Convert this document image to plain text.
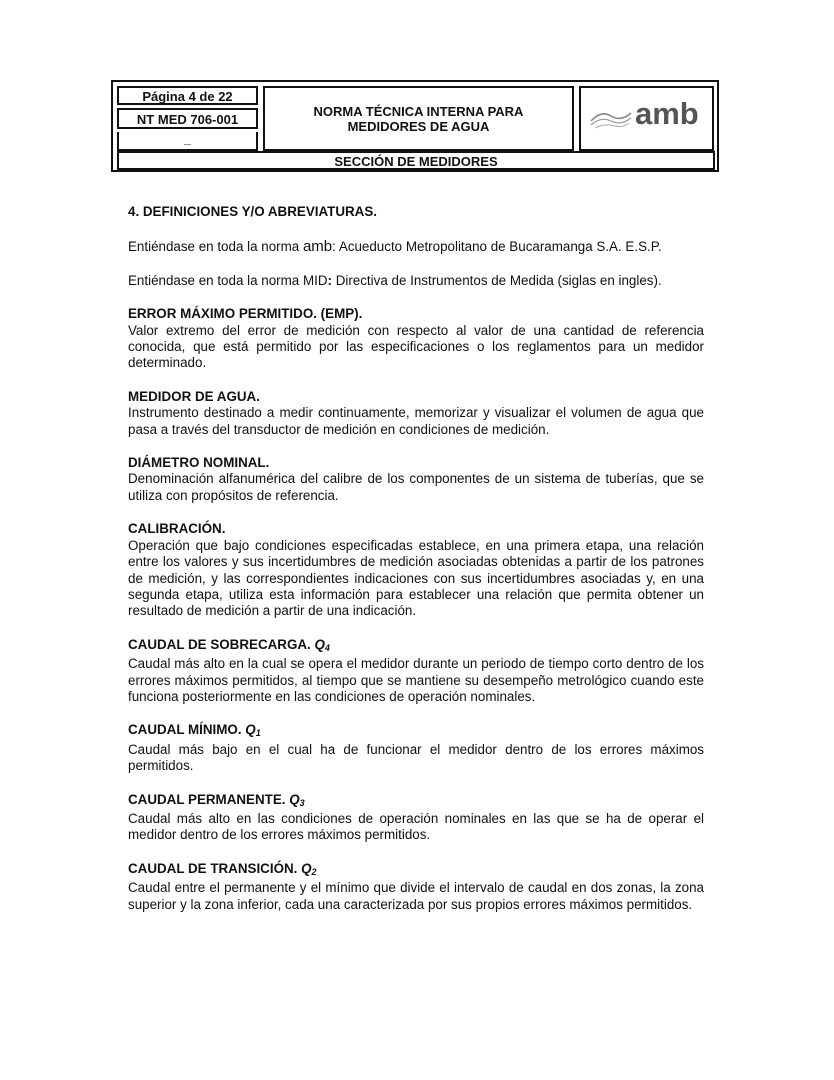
Página 4 de 22
NT MED 706-001
_
NORMA TÉCNICA INTERNA PARA
MEDIDORES DE AGUA	amb
SECCIÓN DE MEDIDORES

4. DEFINICIONES Y/O ABREVIATURAS.

Entiéndase en toda la norma amb: Acueducto Metropolitano de Bucaramanga S.A. E.S.P.

Entiéndase en toda la norma MID: Directiva de Instrumentos de Medida (siglas en ingles).

ERROR MÁXIMO PERMITIDO. (EMP).

Valor extremo del error de medición con respecto al valor de una cantidad de referencia conocida, que está permitido por las especificaciones o los reglamentos para un medidor determinado.

MEDIDOR DE AGUA.

Instrumento destinado a medir continuamente, memorizar y visualizar el volumen de agua que pasa a través del transductor de medición en condiciones de medición.

DIÁMETRO NOMINAL.

Denominación alfanumérica del calibre de los componentes de un sistema de tuberías, que se utiliza con propósitos de referencia.

CALIBRACIÓN.

Operación que bajo condiciones especificadas establece, en una primera etapa, una relación entre los valores y sus incertidumbres de medición asociadas obtenidas a partir de los patrones de medición, y las correspondientes indicaciones con sus incertidumbres asociadas y, en una segunda etapa, utiliza esta información para establecer una relación que permita obtener un resultado de medición a partir de una indicación.

CAUDAL DE SOBRECARGA. $Q_4$

Caudal más alto en la cual se opera el medidor durante un periodo de tiempo corto dentro de los errores máximos permitidos, al tiempo que se mantiene su desempeño metrológico cuando este funciona posteriormente en las condiciones de operación nominales.

CAUDAL MÍNIMO. $Q_1$

Caudal más bajo en el cual ha de funcionar el medidor dentro de los errores máximos permitidos.

CAUDAL PERMANENTE. $Q_3$

Caudal más alto en las condiciones de operación nominales en las que se ha de operar el medidor dentro de los errores máximos permitidos.

CAUDAL DE TRANSICIÓN. $Q_2$

Caudal entre el permanente y el mínimo que divide el intervalo de caudal en dos zonas, la zona superior y la zona inferior, cada una caracterizada por sus propios errores máximos permitidos.
